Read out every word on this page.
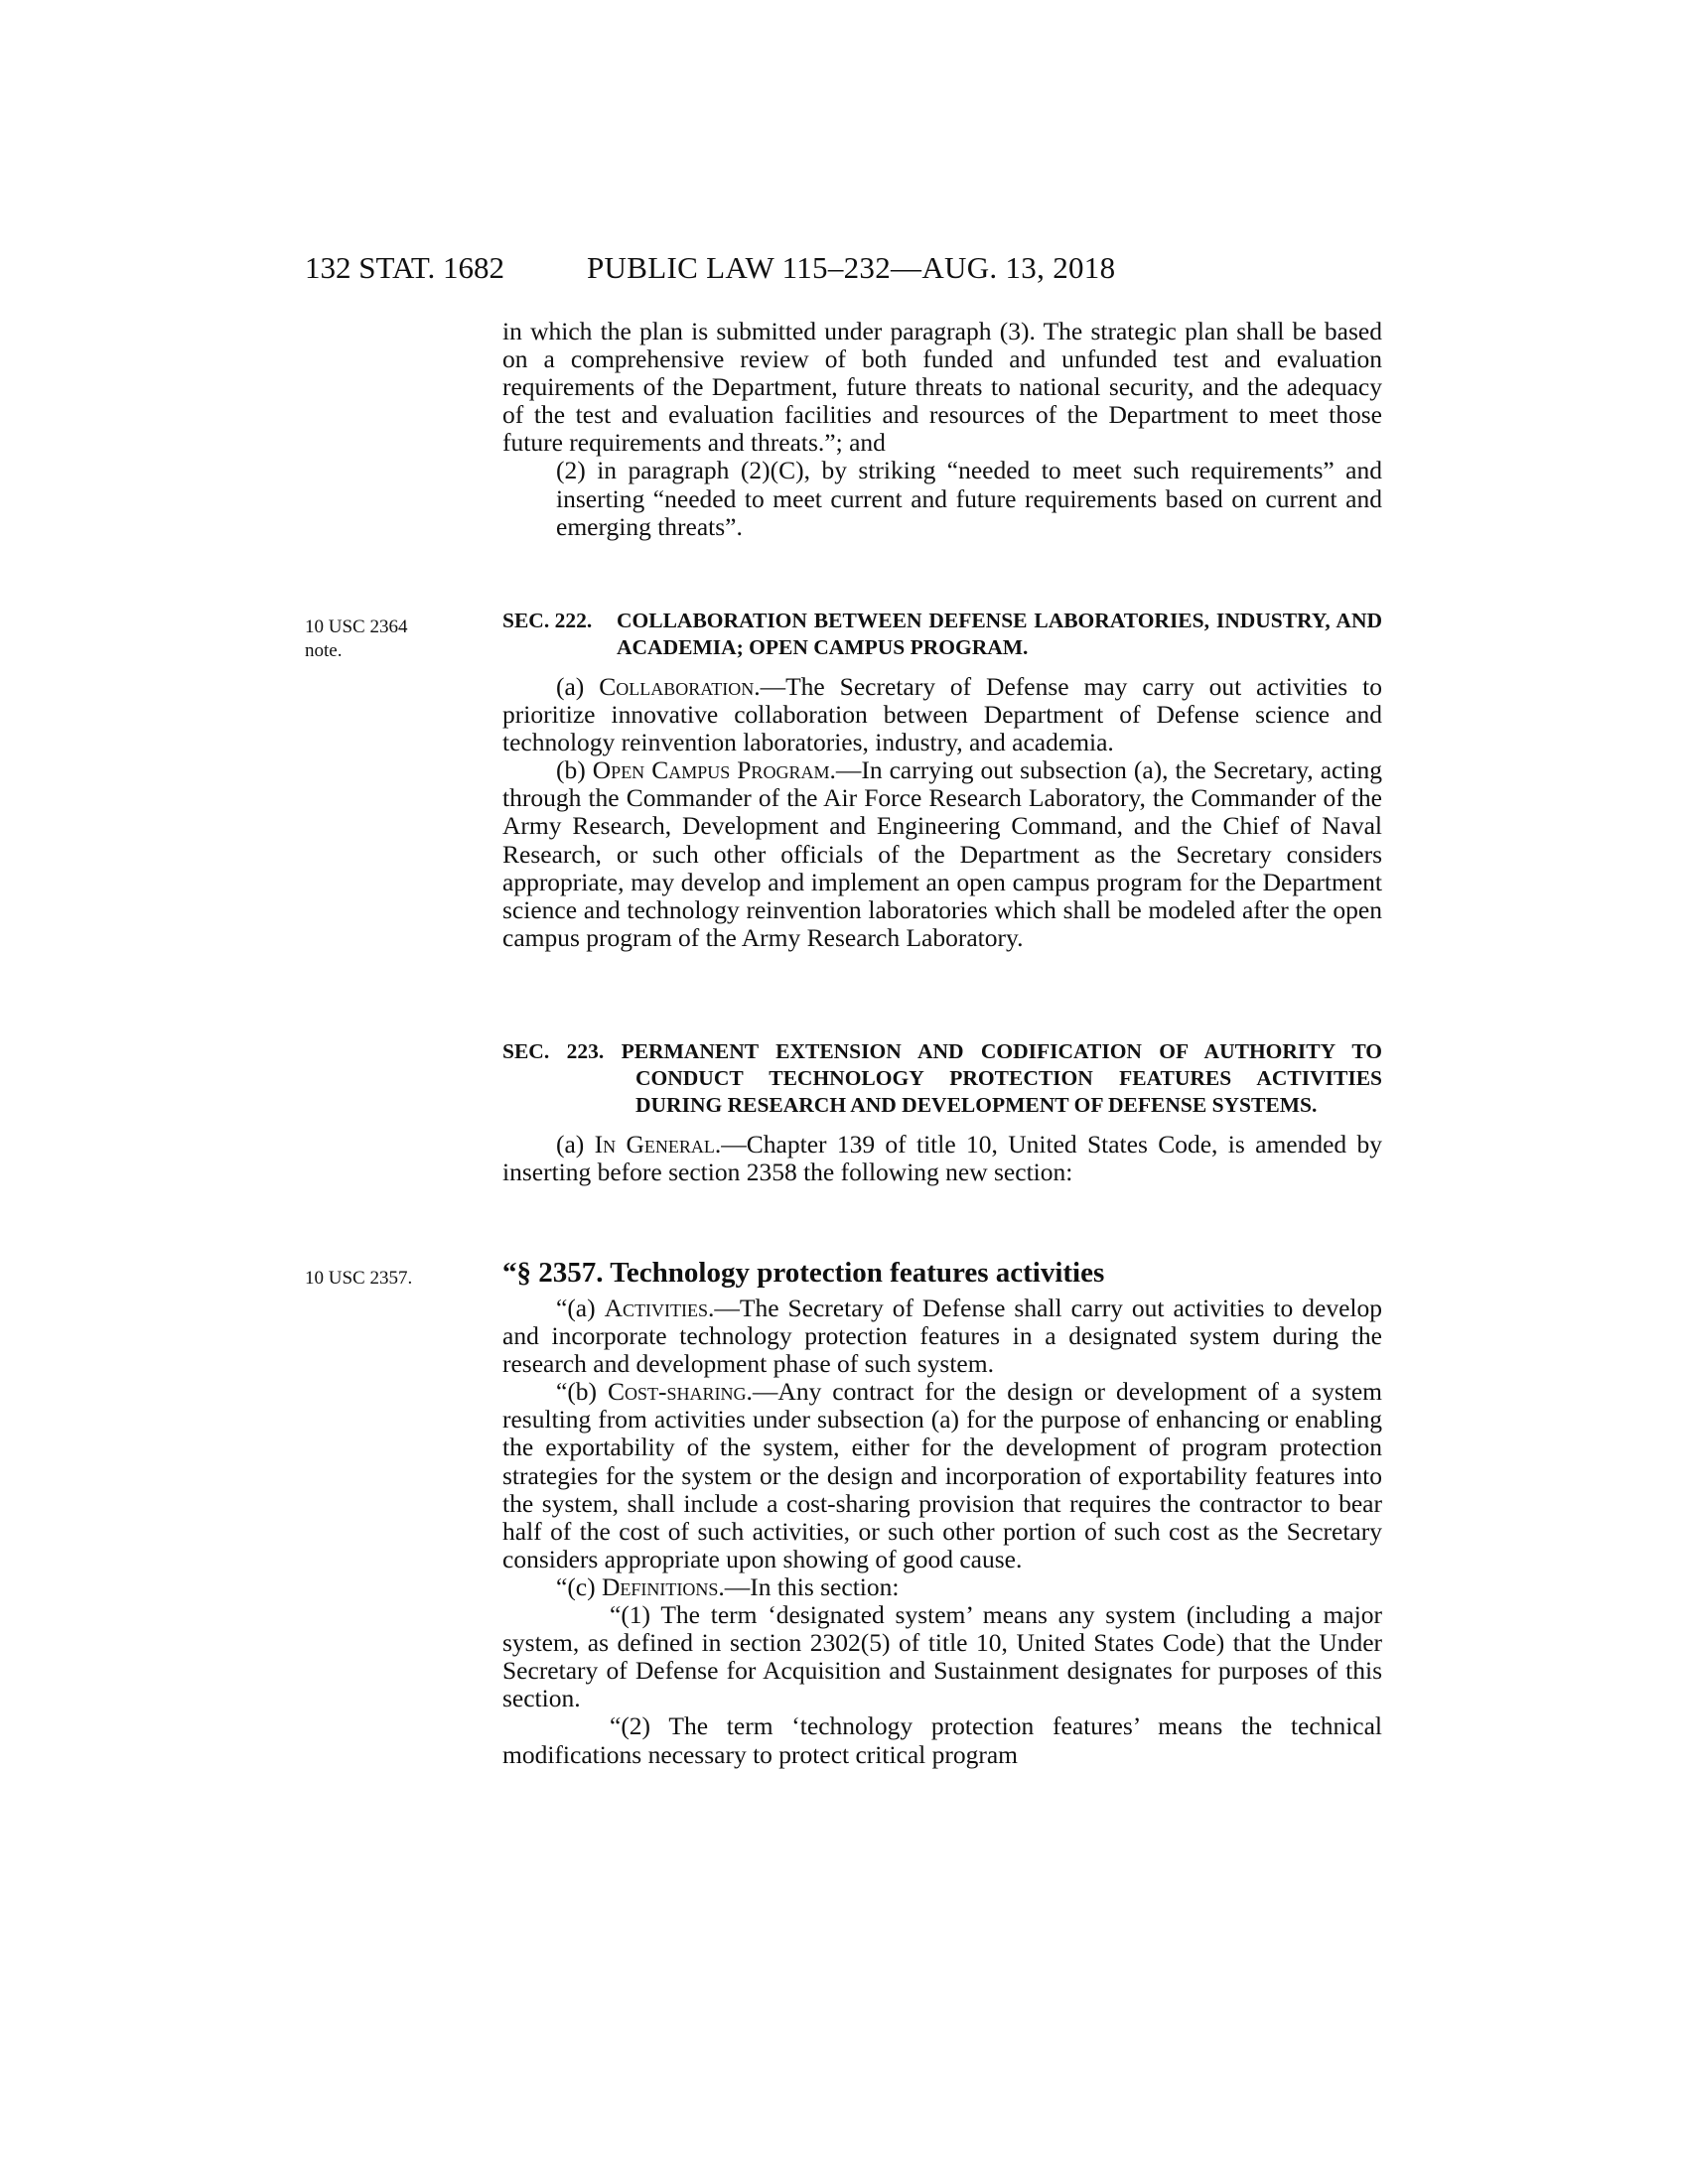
132 STAT. 1682	PUBLIC LAW 115–232—AUG. 13, 2018
10 USC 2364
note.
10 USC 2357.

in which the plan is submitted under paragraph (3). The strategic plan shall be based on a comprehensive review of both funded and unfunded test and evaluation requirements of the Department, future threats to national security, and the adequacy of the test and evaluation facilities and resources of the Department to meet those future requirements and threats.”; and

(2) in paragraph (2)(C), by striking “needed to meet such requirements” and inserting “needed to meet current and future requirements based on current and emerging threats”.

SEC. 222. COLLABORATION BETWEEN DEFENSE LABORATORIES, INDUSTRY, AND ACADEMIA; OPEN CAMPUS PROGRAM.

(a) Collaboration.—The Secretary of Defense may carry out activities to prioritize innovative collaboration between Department of Defense science and technology reinvention laboratories, industry, and academia.

(b) Open Campus Program.—In carrying out subsection (a), the Secretary, acting through the Commander of the Air Force Research Laboratory, the Commander of the Army Research, Development and Engineering Command, and the Chief of Naval Research, or such other officials of the Department as the Secretary considers appropriate, may develop and implement an open campus program for the Department science and technology reinvention laboratories which shall be modeled after the open campus program of the Army Research Laboratory.

SEC. 223. PERMANENT EXTENSION AND CODIFICATION OF AUTHORITY TO CONDUCT TECHNOLOGY PROTECTION FEATURES ACTIVITIES DURING RESEARCH AND DEVELOPMENT OF DEFENSE SYSTEMS.

(a) In General.—Chapter 139 of title 10, United States Code, is amended by inserting before section 2358 the following new section:

“§ 2357. Technology protection features activities

“(a) Activities.—The Secretary of Defense shall carry out activities to develop and incorporate technology protection features in a designated system during the research and development phase of such system.

“(b) Cost-sharing.—Any contract for the design or development of a system resulting from activities under subsection (a) for the purpose of enhancing or enabling the exportability of the system, either for the development of program protection strategies for the system or the design and incorporation of exportability features into the system, shall include a cost-sharing provision that requires the contractor to bear half of the cost of such activities, or such other portion of such cost as the Secretary considers appropriate upon showing of good cause.

“(c) Definitions.—In this section:

“(1) The term ‘designated system’ means any system (including a major system, as defined in section 2302(5) of title 10, United States Code) that the Under Secretary of Defense for Acquisition and Sustainment designates for purposes of this section.

“(2) The term ‘technology protection features’ means the technical modifications necessary to protect critical program
